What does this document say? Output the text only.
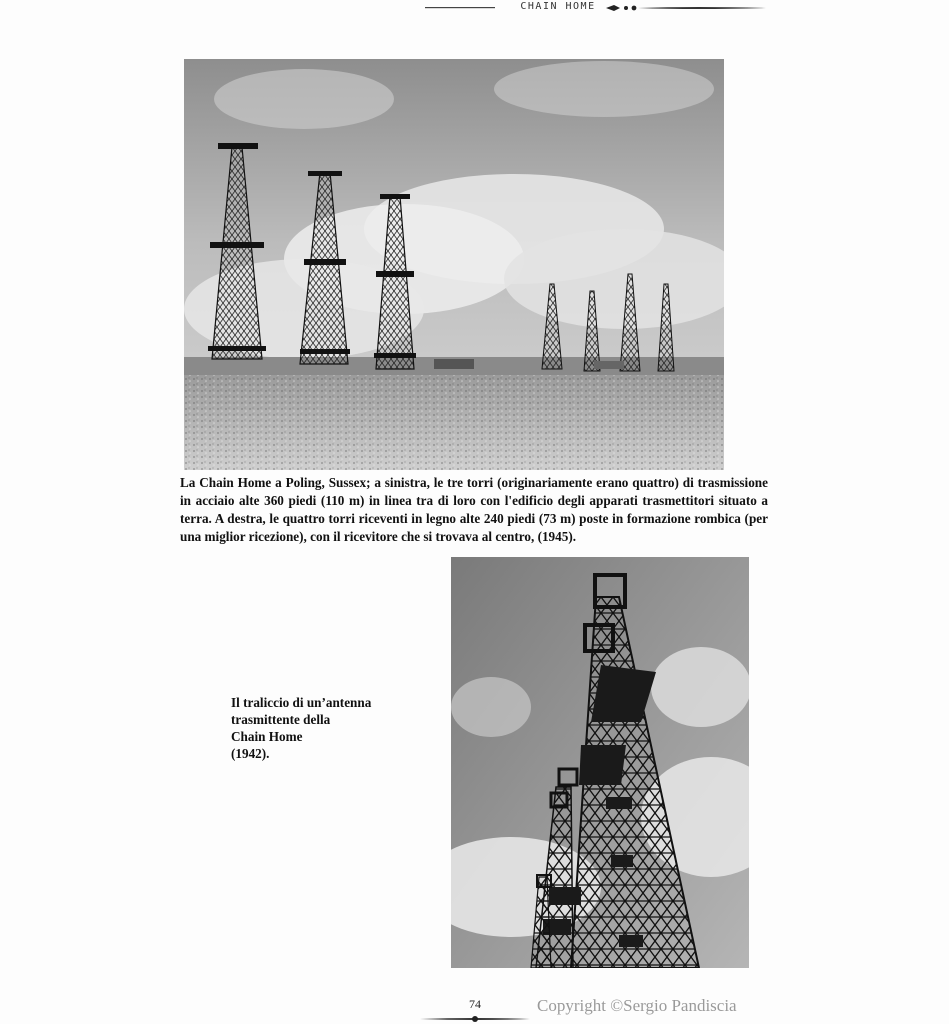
CHAIN HOME

La Chain Home a Poling, Sussex; a sinistra, le tre torri (originariamente erano quattro) di trasmissione in acciaio alte 360 piedi (110 m) in linea tra di loro con l'edificio degli apparati trasmettitori situato a terra. A destra, le quattro torri riceventi in legno alte 240 piedi (73 m) poste in formazione rombica (per una miglior ricezione), con il ricevitore che si trovava al centro, (1945).

Il traliccio di un’antenna
trasmittente della
Chain Home
(1942).
74	Copyright ©Sergio Pandiscia
